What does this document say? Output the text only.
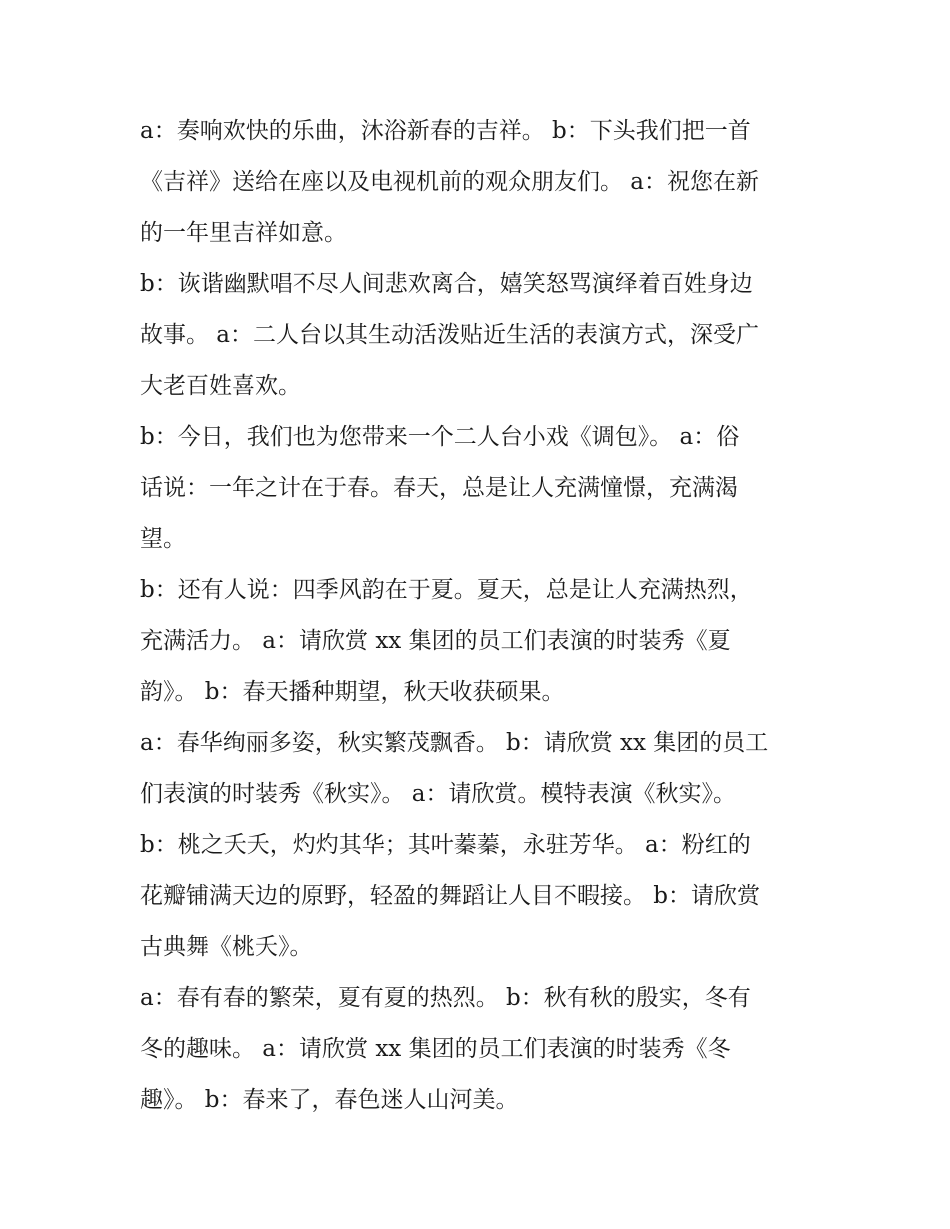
a：奏响欢快的乐曲，沐浴新春的吉祥。 b：下头我们把一首
《吉祥》送给在座以及电视机前的观众朋友们。 a：祝您在新
的一年里吉祥如意。
b：诙谐幽默唱不尽人间悲欢离合，嬉笑怒骂演绎着百姓身边
故事。 a：二人台以其生动活泼贴近生活的表演方式，深受广
大老百姓喜欢。
b：今日，我们也为您带来一个二人台小戏《调包》。 a：俗
话说：一年之计在于春。春天，总是让人充满憧憬，充满渴
望。
b：还有人说：四季风韵在于夏。夏天，总是让人充满热烈，
充满活力。 a：请欣赏 xx 集团的员工们表演的时装秀《夏
韵》。 b：春天播种期望，秋天收获硕果。
a：春华绚丽多姿，秋实繁茂飘香。 b：请欣赏 xx 集团的员工
们表演的时装秀《秋实》。 a：请欣赏。模特表演《秋实》。
b：桃之夭夭，灼灼其华；其叶蓁蓁，永驻芳华。 a：粉红的
花瓣铺满天边的原野，轻盈的舞蹈让人目不暇接。 b：请欣赏
古典舞《桃夭》。
a：春有春的繁荣，夏有夏的热烈。 b：秋有秋的殷实，冬有
冬的趣味。 a：请欣赏 xx 集团的员工们表演的时装秀《冬
趣》。 b：春来了，春色迷人山河美。
